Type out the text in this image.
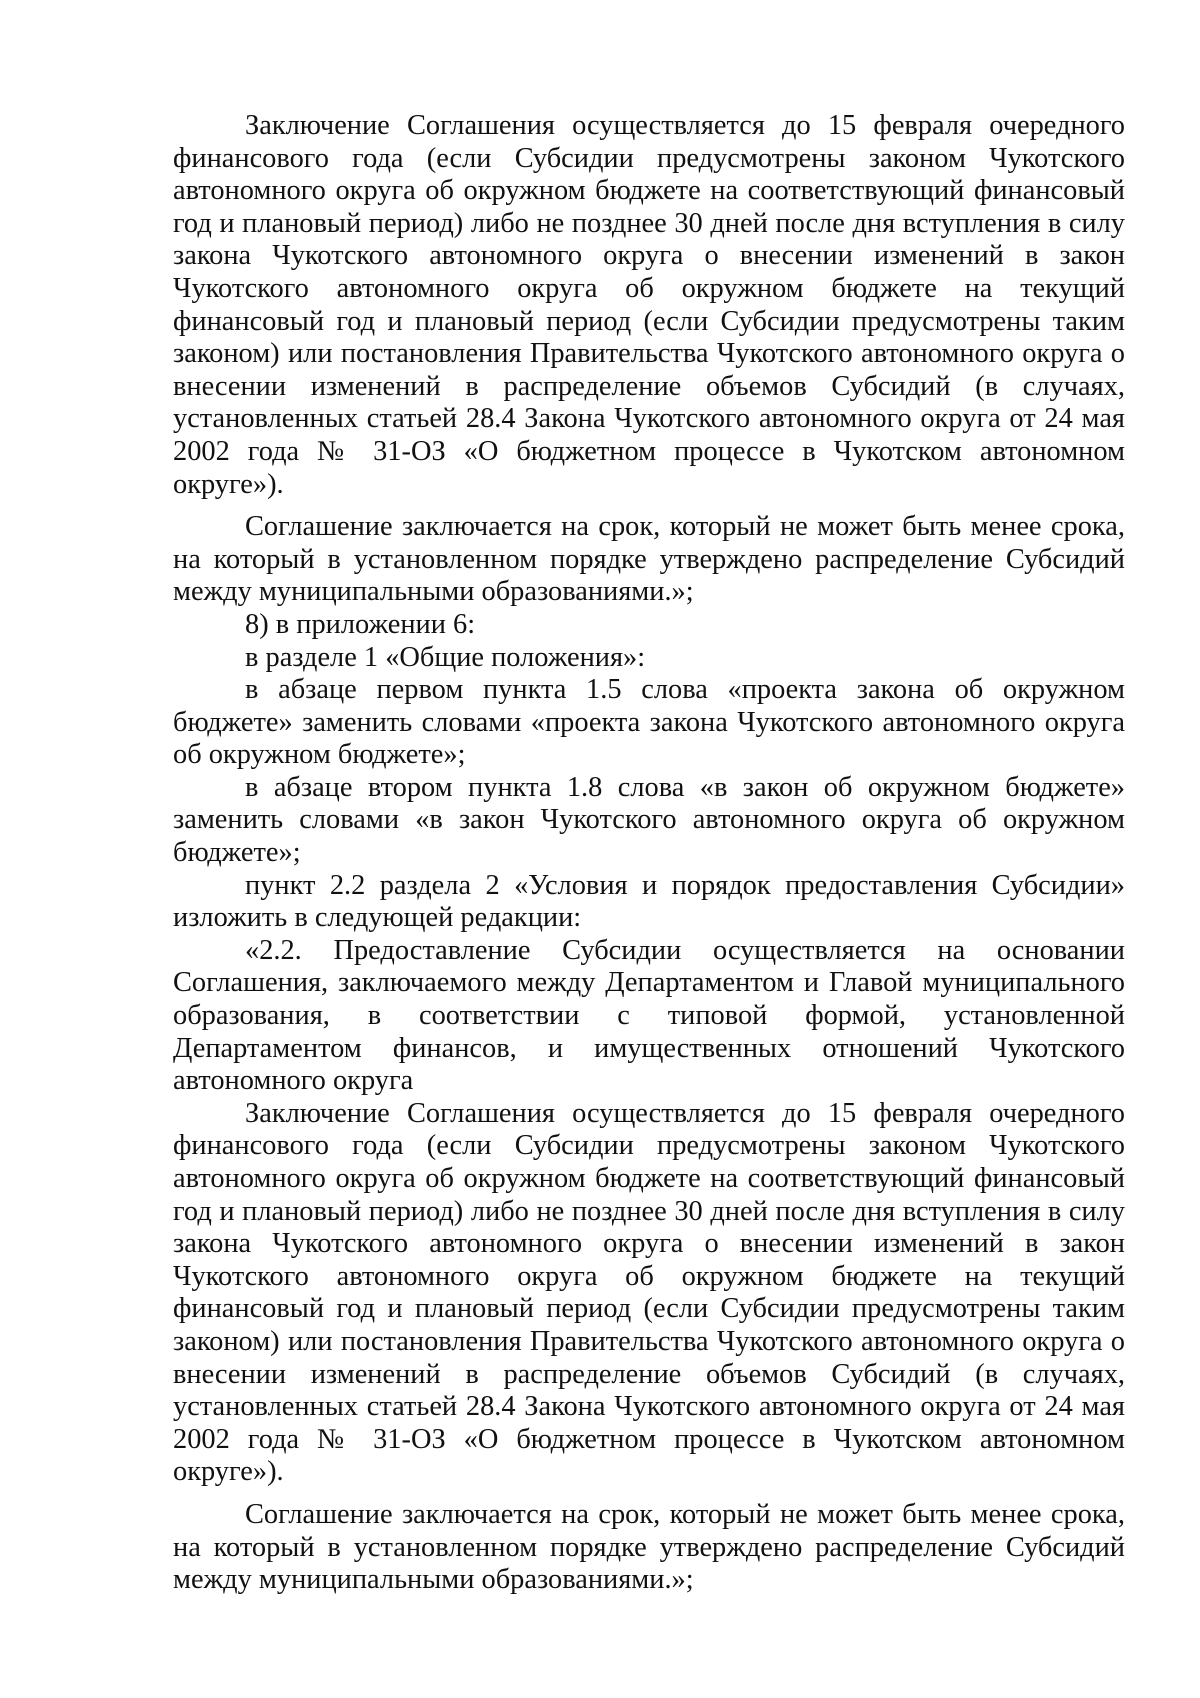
Заключение Соглашения осуществляется до 15 февраля очередного финансового года (если Субсидии предусмотрены законом Чукотского автономного округа об окружном бюджете на соответствующий финансовый год и плановый период) либо не позднее 30 дней после дня вступления в силу закона Чукотского автономного округа о внесении изменений в закон Чукотского автономного округа об окружном бюджете на текущий финансовый год и плановый период (если Субсидии предусмотрены таким законом) или постановления Правительства Чукотского автономного округа о внесении изменений в распределение объемов Субсидий (в случаях, установленных статьей 28.4 Закона Чукотского автономного округа от 24 мая 2002 года № 31-ОЗ «О бюджетном процессе в Чукотском автономном округе»).

Соглашение заключается на срок, который не может быть менее срока, на который в установленном порядке утверждено распределение Субсидий между муниципальными образованиями.»;

8) в приложении 6:

в разделе 1 «Общие положения»:

в абзаце первом пункта 1.5 слова «проекта закона об окружном бюджете» заменить словами «проекта закона Чукотского автономного округа об окружном бюджете»;

в абзаце втором пункта 1.8 слова «в закон об окружном бюджете» заменить словами «в закон Чукотского автономного округа об окружном бюджете»;

пункт 2.2 раздела 2 «Условия и порядок предоставления Субсидии» изложить в следующей редакции:

«2.2. Предоставление Субсидии осуществляется на основании Соглашения, заключаемого между Департаментом и Главой муниципального образования, в соответствии с типовой формой, установленной Департаментом финансов, и имущественных отношений Чукотского автономного округа

Заключение Соглашения осуществляется до 15 февраля очередного финансового года (если Субсидии предусмотрены законом Чукотского автономного округа об окружном бюджете на соответствующий финансовый год и плановый период) либо не позднее 30 дней после дня вступления в силу закона Чукотского автономного округа о внесении изменений в закон Чукотского автономного округа об окружном бюджете на текущий финансовый год и плановый период (если Субсидии предусмотрены таким законом) или постановления Правительства Чукотского автономного округа о внесении изменений в распределение объемов Субсидий (в случаях, установленных статьей 28.4 Закона Чукотского автономного округа от 24 мая 2002 года № 31-ОЗ «О бюджетном процессе в Чукотском автономном округе»).

Соглашение заключается на срок, который не может быть менее срока, на который в установленном порядке утверждено распределение Субсидий между муниципальными образованиями.»;
